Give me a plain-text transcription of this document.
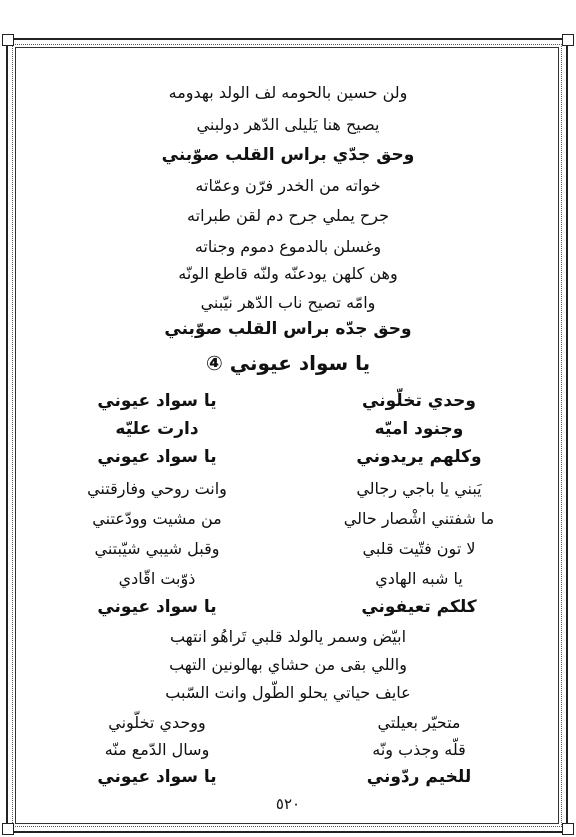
ولن حسين بالحومه لف الولد بهدومه
يصيح هنا يَليلى الدّهر دولبني
وحق جدّي براس القلب صوّبني
خواته من الخدر فرّن وعمّاته
جرح يملي جرح دم لقن طبراته
وغسلن بالدموع دموم وجناته
وهن كلهن يودعنّه ولنّه قاطع الونّه
وامّه تصيح ناب الدّهر نيّبني
وحق جدّه براس القلب صوّبني
يا سواد عيوني ④
وحدي تخلّوني
يا سواد عيوني
وجنود اميّه
دارت عليّه
وكلهم يريدوني
يا سواد عيوني
يَبني يا باجي رجالي
وانت روحي وفارقتني
ما شفتني اشْصار حالي
من مشيت وودّعتني
لا تون فتّيت قلبي
وقبل شيبي شيّبتني
يا شبه الهادي
ذوّبت اقّادي
كلكم تعيفوني
يا سواد عيوني
ابيّض وسمر يالولد قلبي تَراهُو انتهب
واللي بقى من حشاي بهالونين التهب
عايف حياتي يحلو الطّول وانت السّبب
متحيّر بعيلتي
ووحدي تخلّوني
قلّه وجذب ونّه
وسال الدّمع منّه
للخيم ردّوني
يا سواد عيوني
٥٢٠
